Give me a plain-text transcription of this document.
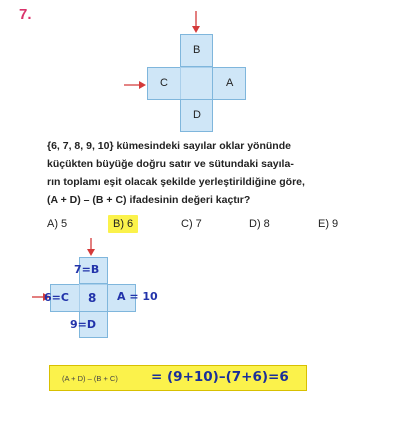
7.
B
C	A
D
{6, 7, 8, 9, 10} kümesindeki sayılar oklar yönünde
küçükten büyüğe doğru satır ve sütundaki sayıla-
rın toplamı eşit olacak şekilde yerleştirildiğine göre,
(A + D) – (B + C) ifadesinin değeri kaçtır?
A) 5	B) 6	C) 7	D) 8	E) 9
7=B
6=C 8 A = 10
9=D
(A + D) – (B + C) = (9+10)–(7+6)=6
